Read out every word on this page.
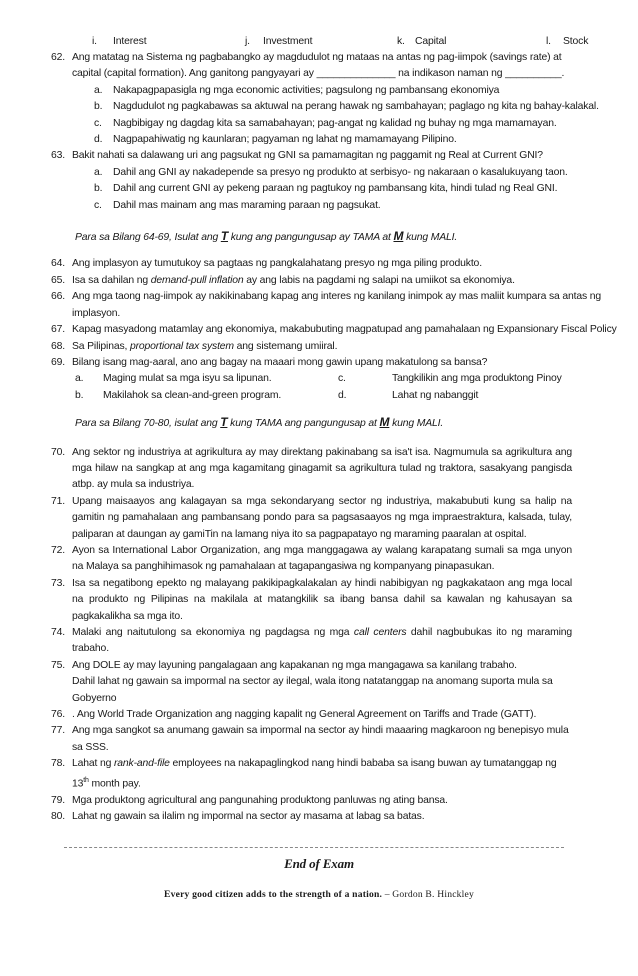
i. Interest	j. Investment	k. Capital	l. Stock
62. Ang matatag na Sistema ng pagbabangko ay magdudulot ng mataas na antas ng pag-iimpok (savings rate) at capital (capital formation). Ang ganitong pangyayari ay ______________ na indikason naman ng __________.
a. Nakapagpapasigla ng mga economic activities; pagsulong ng pambansang ekonomiya
b. Nagdudulot ng pagkabawas sa aktuwal na perang hawak ng sambahayan; paglago ng kita ng bahay-kalakal.
c. Nagbibigay ng dagdag kita sa samabahayan; pag-angat ng kalidad ng buhay ng mga mamamayan.
d. Nagpapahiwatig ng kaunlaran; pagyaman ng lahat ng mamamayang Pilipino.
63. Bakit nahati sa dalawang uri ang pagsukat ng GNI sa pamamagitan ng paggamit ng Real at Current GNI?
a. Dahil ang GNI ay nakadepende sa presyo ng produkto at serbisyo- ng nakaraan o kasalukuyang taon.
b. Dahil ang current GNI ay pekeng paraan ng pagtukoy ng pambansang kita, hindi tulad ng Real GNI.
c. Dahil mas mainam ang mas maraming paraan ng pagsukat.
Para sa Bilang 64-69, Isulat ang T kung ang pangungusap ay TAMA at M kung MALI.
64. Ang implasyon ay tumutukoy sa pagtaas ng pangkalahatang presyo ng mga piling produkto.
65. Isa sa dahilan ng demand-pull inflation ay ang labis na pagdami ng salapi na umiikot sa ekonomiya.
66. Ang mga taong nag-iimpok ay nakikinabang kapag ang interes ng kanilang inimpok ay mas maliit kumpara sa antas ng
implasyon.
67. Kapag masyadong matamlay ang ekonomiya, makabubuting magpatupad ang pamahalaan ng Expansionary Fiscal Policy
68. Sa Pilipinas, proportional tax system ang sistemang umiiral.
69. Bilang isang mag-aaral, ano ang bagay na maaari mong gawin upang makatulong sa bansa?
a. Maging mulat sa mga isyu sa lipunan.	c.	Tangkilikin ang mga produktong Pinoy
b. Makilahok sa clean-and-green program.	d.	Lahat ng nabanggit
Para sa Bilang 70-80, isulat ang T kung TAMA ang pangungusap at M kung MALI.
70. Ang sektor ng industriya at agrikultura ay may direktang pakinabang sa isa't isa. Nagmumula sa agrikultura ang mga hilaw na sangkap at ang mga kagamitang ginagamit sa agrikultura tulad ng traktora, sasakyang pangisda atbp. ay mula sa industriya.
71. Upang maisaayos ang kalagayan sa mga sekondaryang sector ng industriya, makabubuti kung sa halip na gamitin ng pamahalaan ang pambansang pondo para sa pagsasaayos ng mga impraestraktura, kalsada, tulay, paliparan at daungan ay gamiTin na lamang niya ito sa pagpapatayo ng maraming paaralan at ospital.
72. Ayon sa International Labor Organization, ang mga manggagawa ay walang karapatang sumali sa mga unyon na Malaya sa panghihimasok ng pamahalaan at tagapangasiwa ng kompanyang pinapasukan.
73. Isa sa negatibong epekto ng malayang pakikipagkalakalan ay hindi nabibigyan ng pagkakataon ang mga local na produkto ng Pilipinas na makilala at matangkilik sa ibang bansa dahil sa kawalan ng kahusayan sa pagkakalikha sa mga ito.
74. Malaki ang naitutulong sa ekonomiya ng pagdagsa ng mga call centers dahil nagbubukas ito ng maraming trabaho.
75. Ang DOLE ay may layuning pangalagaan ang kapakanan ng mga mangagawa sa kanilang trabaho.
Dahil lahat ng gawain sa impormal na sector ay ilegal, wala itong natatanggap na anomang suporta mula sa Gobyerno
76. . Ang World Trade Organization ang nagging kapalit ng General Agreement on Tariffs and Trade (GATT).
77. Ang mga sangkot sa anumang gawain sa impormal na sector ay hindi maaaring magkaroon ng benepisyo mula sa SSS.
78. Lahat ng rank-and-file employees na nakapaglingkod nang hindi bababa sa isang buwan ay tumatanggap ng 13th month pay.
79. Mga produktong agricultural ang pangunahing produktong panluwas ng ating bansa.
80. Lahat ng gawain sa ilalim ng impormal na sector ay masama at labag sa batas.
End of Exam
Every good citizen adds to the strength of a nation. – Gordon B. Hinckley
